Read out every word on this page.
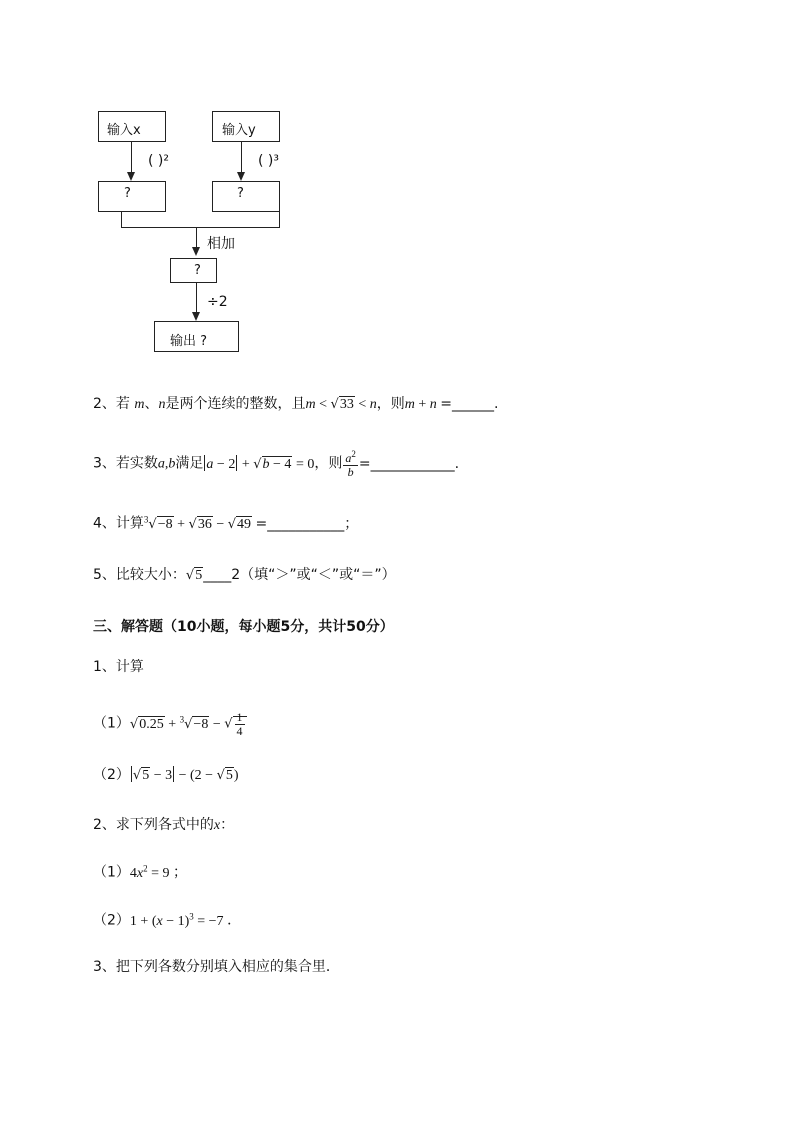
输入x	输入y
( )²	( )³
?	?
相加
?
÷2
输出 ?
2、若 m、n是两个连续的整数，且m < √33 < n，则m + n =______.
3、若实数a,b满足 a − 2 + √b − 4 = 0，则 $\frac{a^2}{b}$ =____________.
4、计算$^3$√−8 + √36 − √49 =___________；
5、比较大小：√5____2（填“＞”或“＜”或“＝”）
三、解答题（10小题，每小题5分，共计50分）
1、计算
（1）√0.25 + $^3$√−8 − √ $\frac{1}{4}$
（2） √5 − 3 − (2 − √5)
2、求下列各式中的x：
$(1)4x^2 = 9$ ；
$(2)1 + (x - 1)^3 = -7$ ．
3、把下列各数分别填入相应的集合里．
